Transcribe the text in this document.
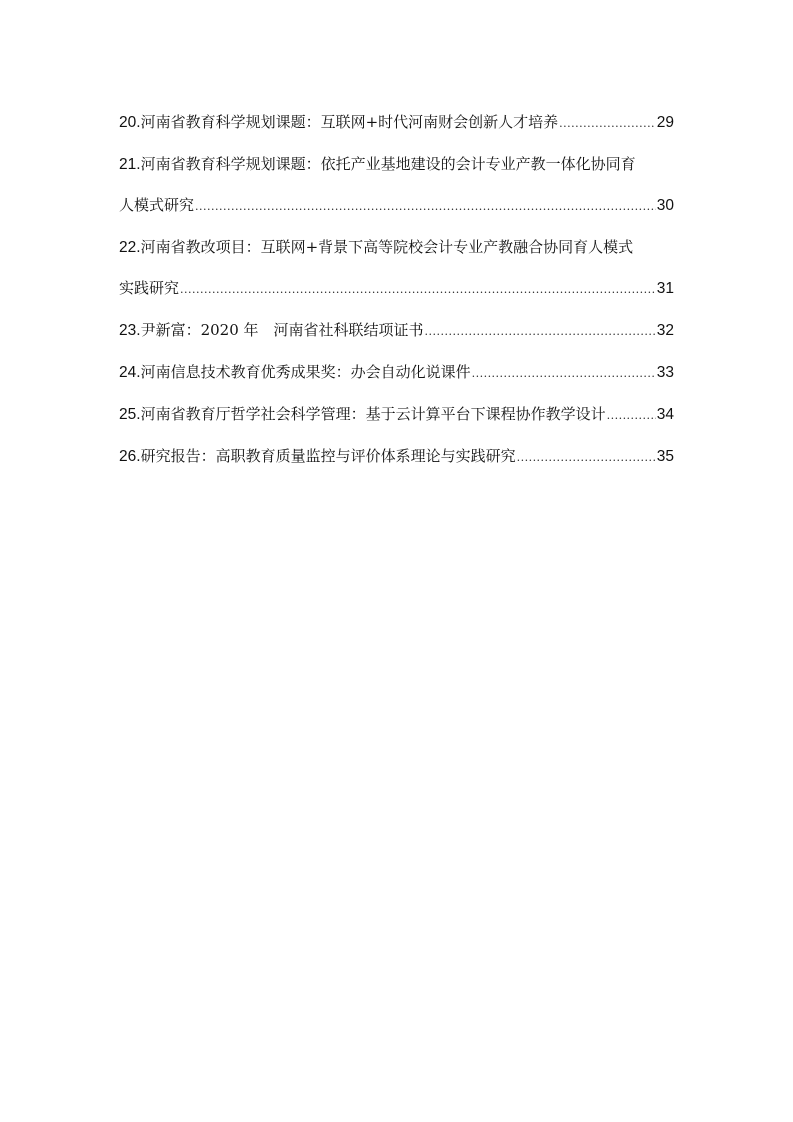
20. 河南省教育科学规划课题：互联网+时代河南财会创新人才培养 .....	29
21. 河南省教育科学规划课题：依托产业基地建设的会计专业产教一体化协同育
人模式研究 .....	30
22. 河南省教改项目：互联网+背景下高等院校会计专业产教融合协同育人模式
实践研究 .....	31
23. 尹新富：2020 年　河南省社科联结项证书 .....	32
24. 河南信息技术教育优秀成果奖：办会自动化说课件 .....	33
25. 河南省教育厅哲学社会科学管理：基于云计算平台下课程协作教学设计 .....	34
26. 研究报告：高职教育质量监控与评价体系理论与实践研究 .....	35
